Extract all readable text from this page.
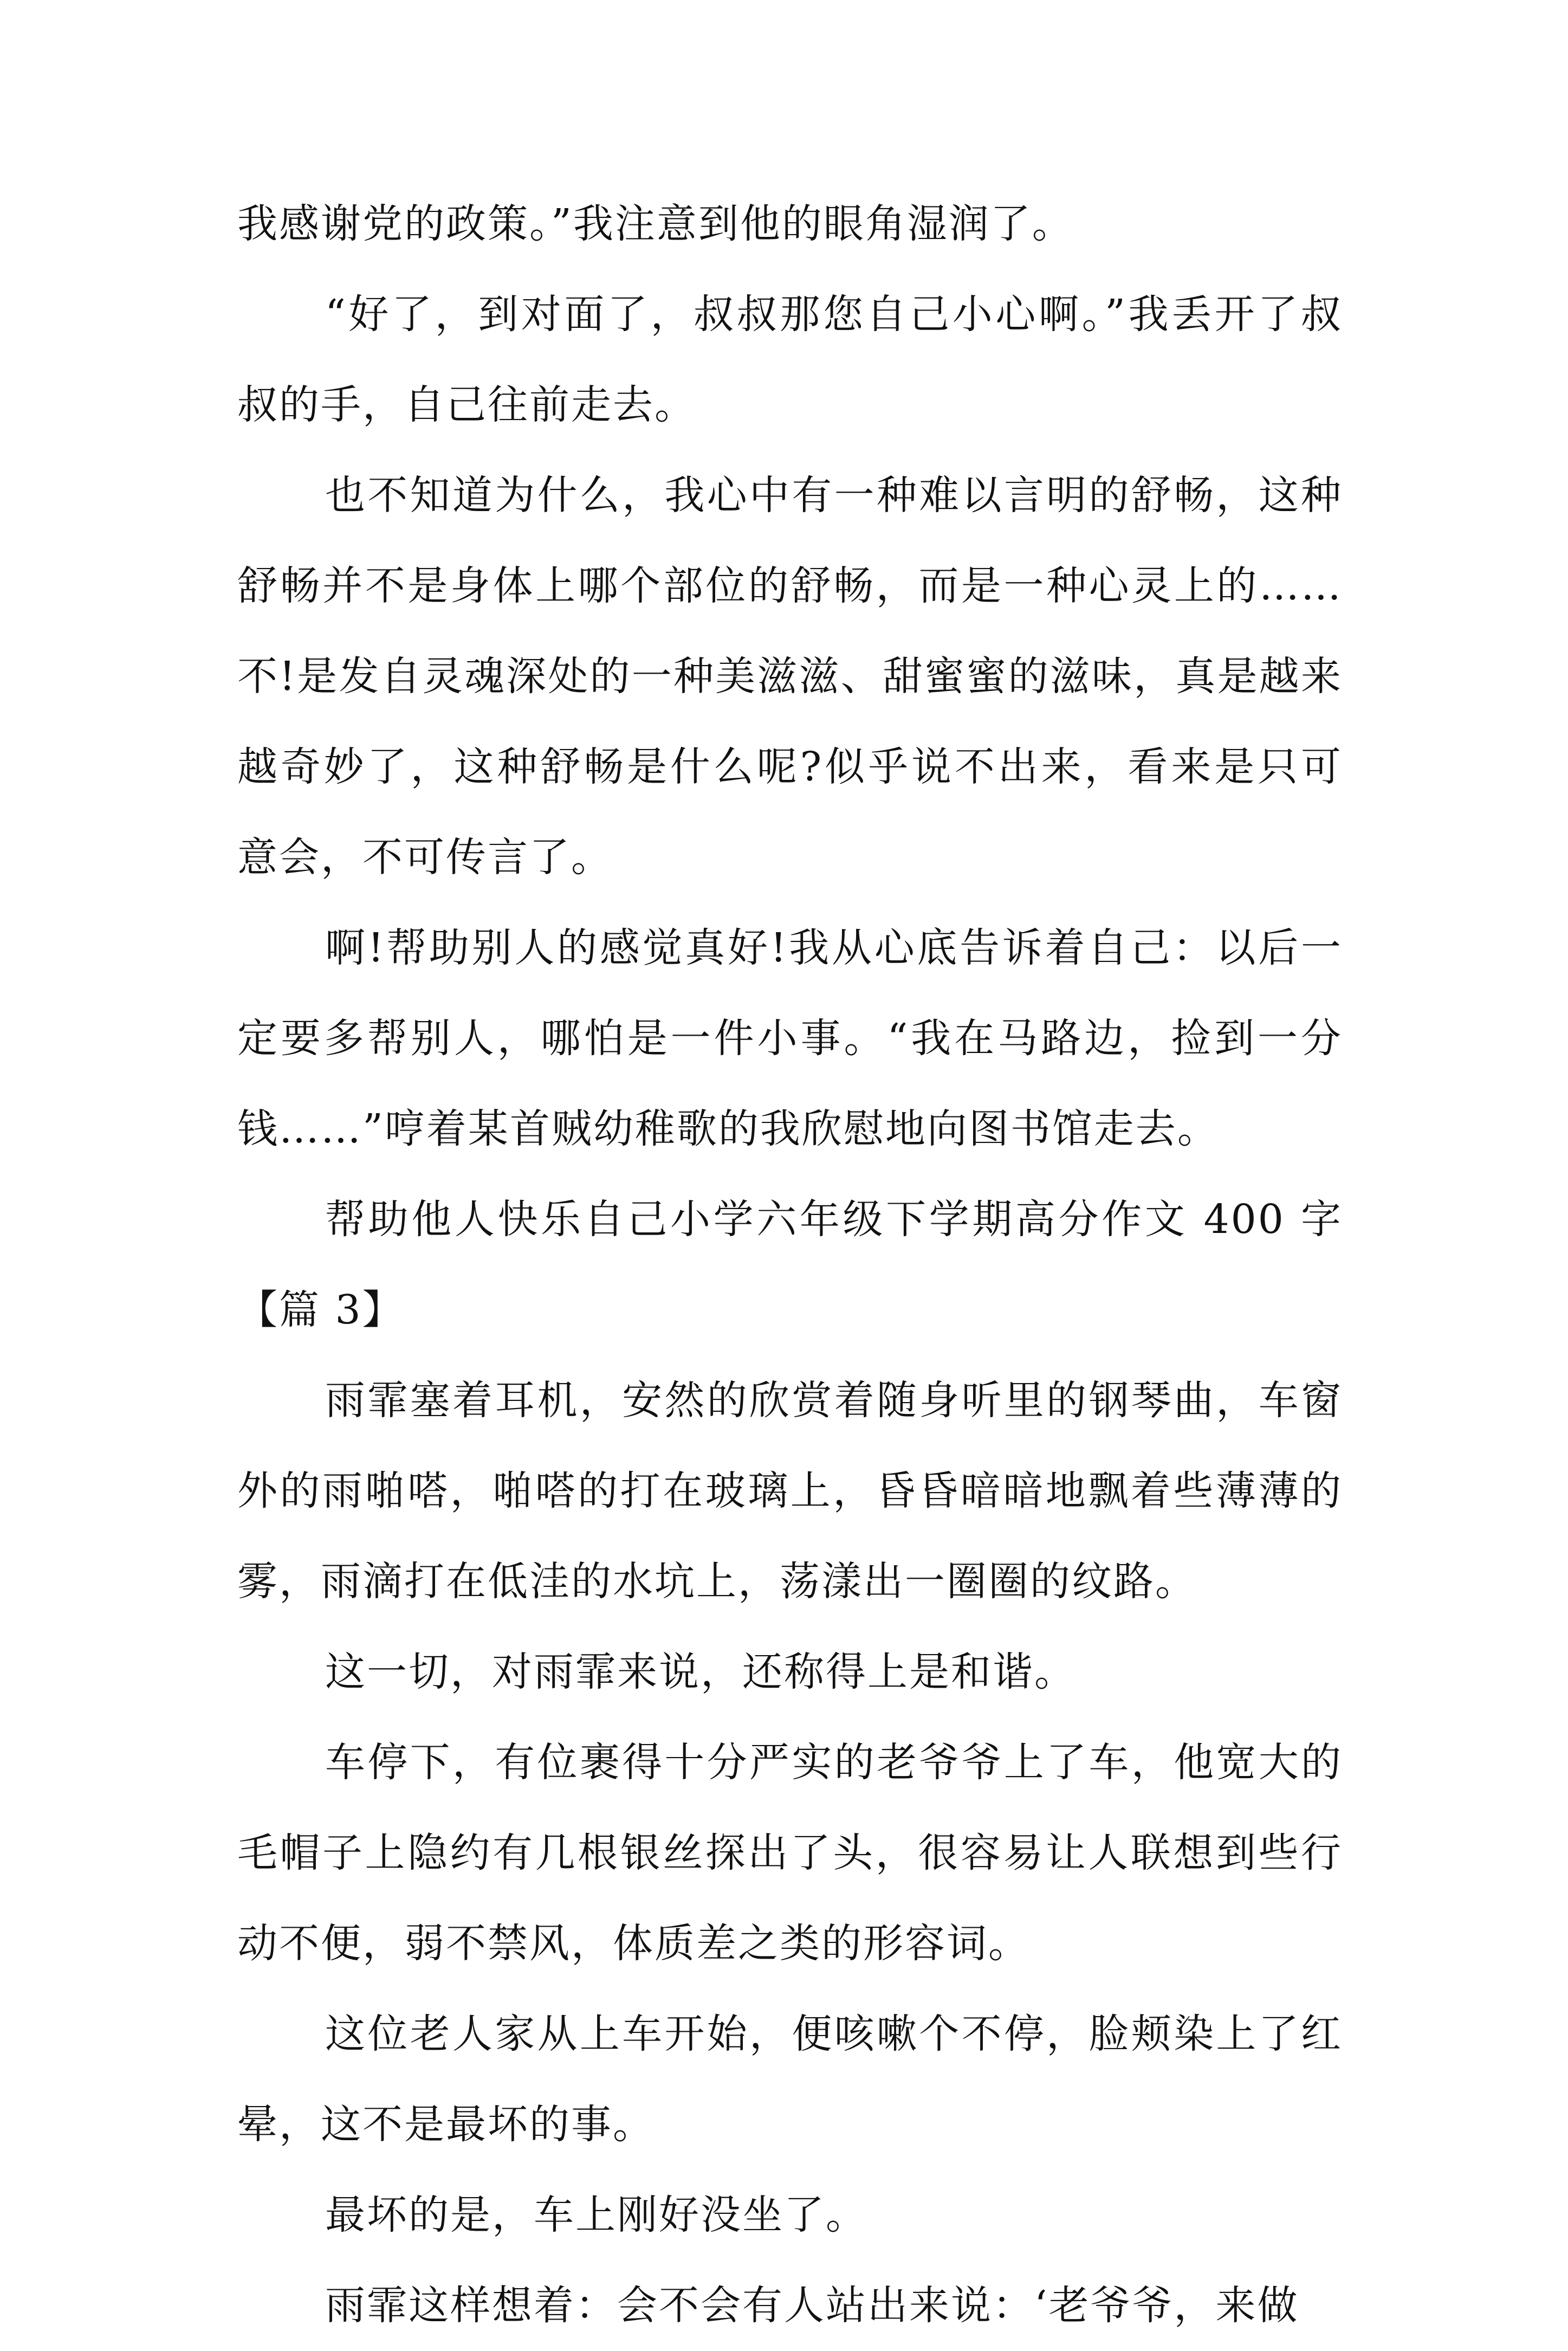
我感谢党的政策。”我注意到他的眼角湿润了。

“好了，到对面了，叔叔那您自己小心啊。”我丢开了叔叔的手，自己往前走去。

也不知道为什么，我心中有一种难以言明的舒畅，这种舒畅并不是身体上哪个部位的舒畅，而是一种心灵上的……不!是发自灵魂深处的一种美滋滋、甜蜜蜜的滋味，真是越来越奇妙了，这种舒畅是什么呢?似乎说不出来，看来是只可意会，不可传言了。

啊!帮助别人的感觉真好!我从心底告诉着自己：以后一定要多帮别人，哪怕是一件小事。“我在马路边，捡到一分钱……”哼着某首贼幼稚歌的我欣慰地向图书馆走去。

帮助他人快乐自己小学六年级下学期高分作文 400 字【篇 3】

雨霏塞着耳机，安然的欣赏着随身听里的钢琴曲，车窗外的雨啪嗒，啪嗒的打在玻璃上，昏昏暗暗地飘着些薄薄的雾，雨滴打在低洼的水坑上，荡漾出一圈圈的纹路。

这一切，对雨霏来说，还称得上是和谐。

车停下，有位裹得十分严实的老爷爷上了车，他宽大的毛帽子上隐约有几根银丝探出了头，很容易让人联想到些行动不便，弱不禁风，体质差之类的形容词。

这位老人家从上车开始，便咳嗽个不停，脸颊染上了红晕，这不是最坏的事。

最坏的是，车上刚好没坐了。

雨霏这样想着：会不会有人站出来说：‘老爷爷，来做
